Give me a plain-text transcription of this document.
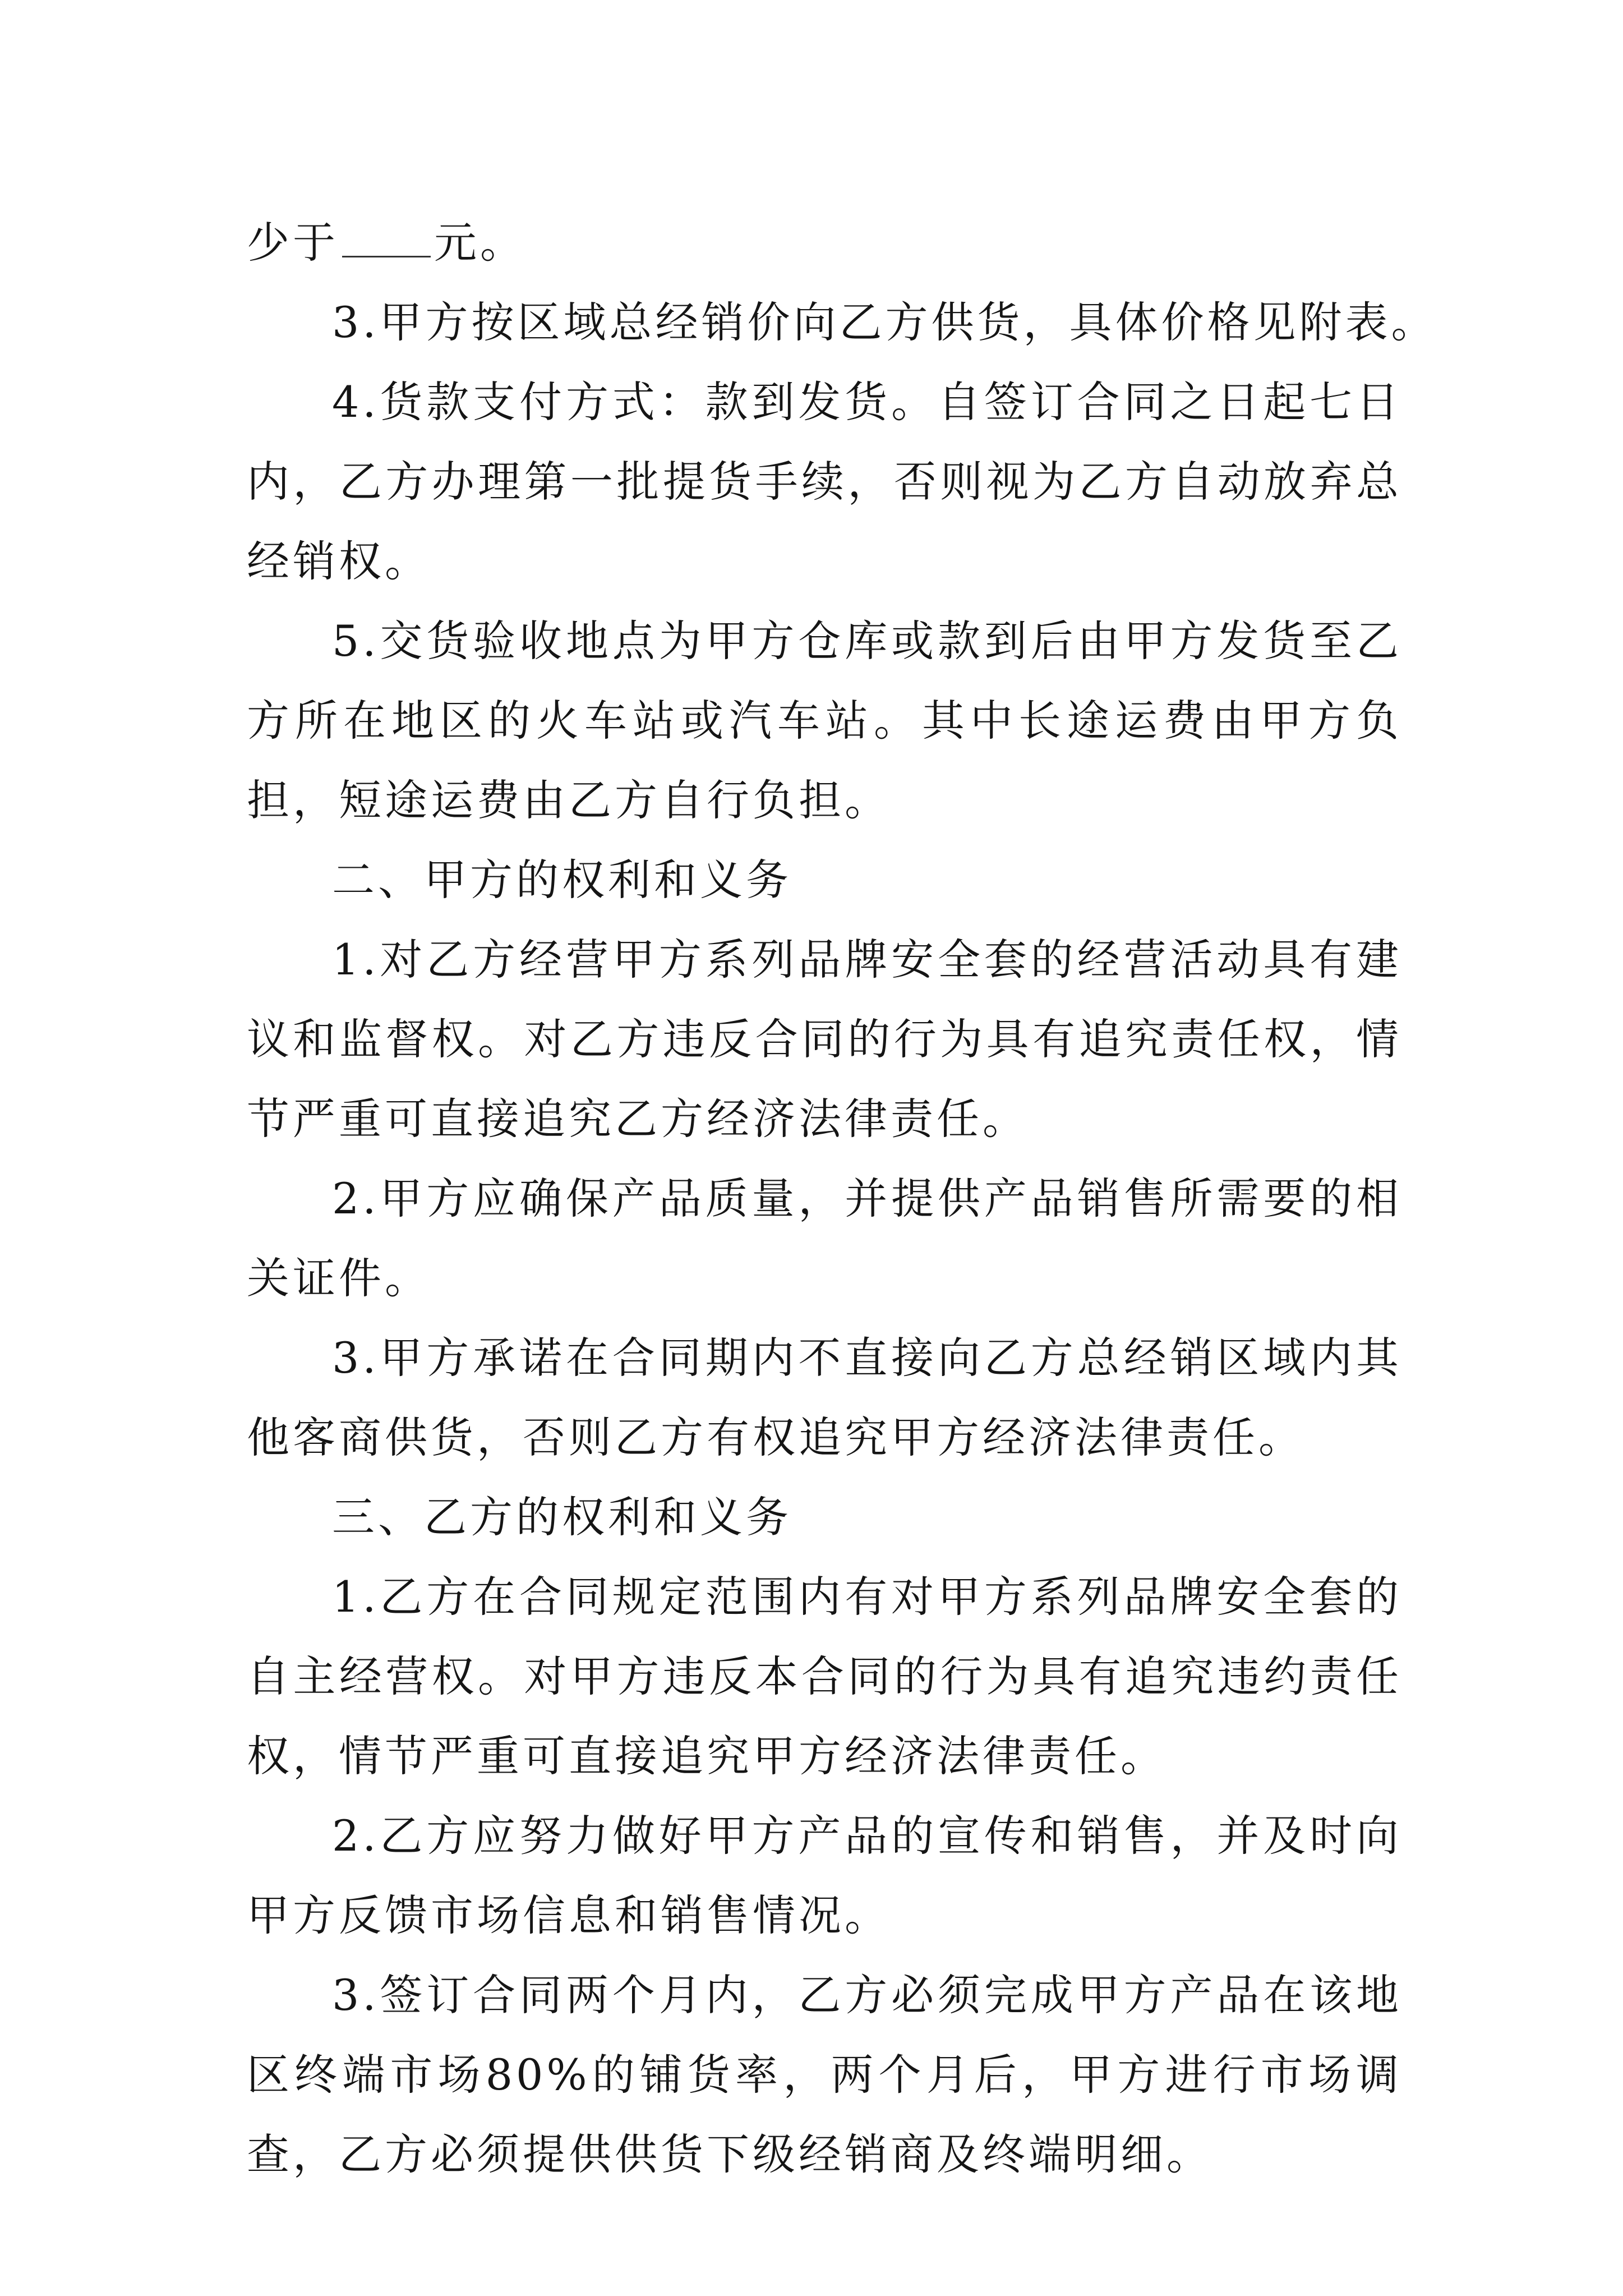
少于 元。

3.甲方按区域总经销价向乙方供货，具体价格见附表。

4.货款支付方式：款到发货。自签订合同之日起七日内，乙方办理第一批提货手续，否则视为乙方自动放弃总经销权。

5.交货验收地点为甲方仓库或款到后由甲方发货至乙方所在地区的火车站或汽车站。其中长途运费由甲方负担，短途运费由乙方自行负担。

二、甲方的权利和义务

1.对乙方经营甲方系列品牌安全套的经营活动具有建议和监督权。对乙方违反合同的行为具有追究责任权，情节严重可直接追究乙方经济法律责任。

2.甲方应确保产品质量，并提供产品销售所需要的相关证件。

3.甲方承诺在合同期内不直接向乙方总经销区域内其他客商供货，否则乙方有权追究甲方经济法律责任。

三、乙方的权利和义务

1.乙方在合同规定范围内有对甲方系列品牌安全套的自主经营权。对甲方违反本合同的行为具有追究违约责任权，情节严重可直接追究甲方经济法律责任。

2.乙方应努力做好甲方产品的宣传和销售，并及时向甲方反馈市场信息和销售情况。

3.签订合同两个月内，乙方必须完成甲方产品在该地区终端市场80%的铺货率，两个月后，甲方进行市场调查，乙方必须提供供货下级经销商及终端明细。
